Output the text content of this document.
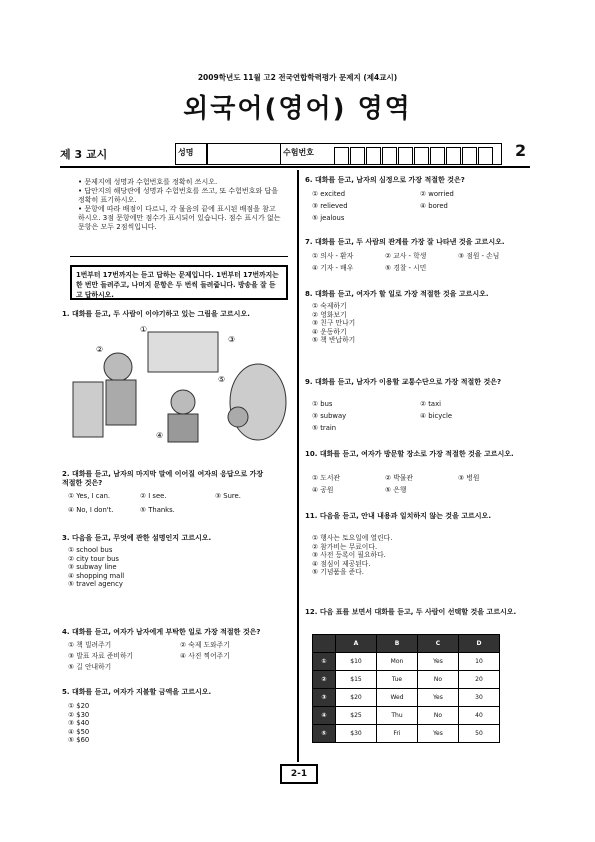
2009학년도 11월 고2 전국연합학력평가 문제지 (제4교시)
외국어(영어) 영역
제 3 교시	성명	수험번호	2
• 문제지에 성명과 수험번호를 정확히 쓰시오.
• 답안지의 해당란에 성명과 수험번호를 쓰고, 또 수험번호와 답을
정확히 표기하시오.
• 문항에 따라 배점이 다르니, 각 물음의 끝에 표시된 배점을 참고
하시오. 3점 문항에만 점수가 표시되어 있습니다. 점수 표시가 없는
문항은 모두 2점씩입니다.
1번부터 17번까지는 듣고 답하는 문제입니다. 1번부터 17번까지는
한 번만 들려주고, 나머지 문항은 두 번씩 들려줍니다. 방송을 잘 듣고 답하시오.
1. 대화를 듣고, 두 사람이 이야기하고 있는 그림을 고르시오.
①
②
③
④
⑤
2. 대화를 듣고, 남자의 마지막 말에 이어질 여자의 응답으로 가장
적절한 것은?
① Yes, I can.	② I see.	③ Sure.
④ No, I don't.	⑤ Thanks.
3. 다음을 듣고, 무엇에 관한 설명인지 고르시오.
① school bus
② city tour bus
③ subway line
④ shopping mall
⑤ travel agency
4. 대화를 듣고, 여자가 남자에게 부탁한 일로 가장 적절한 것은?
① 책 빌려주기	② 숙제 도와주기
③ 발표 자료 준비하기	④ 사진 찍어주기
⑤ 길 안내하기
5. 대화를 듣고, 여자가 지불할 금액을 고르시오.
① $20
② $30
③ $40
④ $50
⑤ $60
6. 대화를 듣고, 남자의 심정으로 가장 적절한 것은?
① excited	② worried
③ relieved	④ bored
⑤ jealous
7. 대화를 듣고, 두 사람의 관계를 가장 잘 나타낸 것을 고르시오.
① 의사 - 환자	② 교사 - 학생	③ 점원 - 손님
④ 기자 - 배우	⑤ 경찰 - 시민
8. 대화를 듣고, 여자가 할 일로 가장 적절한 것을 고르시오.
① 숙제하기
② 영화보기
③ 친구 만나기
④ 운동하기
⑤ 책 반납하기
9. 대화를 듣고, 남자가 이용할 교통수단으로 가장 적절한 것은?
① bus	② taxi
③ subway	④ bicycle
⑤ train
10. 대화를 듣고, 여자가 방문할 장소로 가장 적절한 것을 고르시오.
① 도서관	② 박물관	③ 병원
④ 공원	⑤ 은행
11. 다음을 듣고, 안내 내용과 일치하지 않는 것을 고르시오.
① 행사는 토요일에 열린다.
② 참가비는 무료이다.
③ 사전 등록이 필요하다.
④ 점심이 제공된다.
⑤ 기념품을 준다.
12. 다음 표를 보면서 대화를 듣고, 두 사람이 선택할 것을 고르시오.
	A	B	C	D
①	$10	Mon	Yes	10
②	$15	Tue	No	20
③	$20	Wed	Yes	30
④	$25	Thu	No	40
⑤	$30	Fri	Yes	50
2-1
